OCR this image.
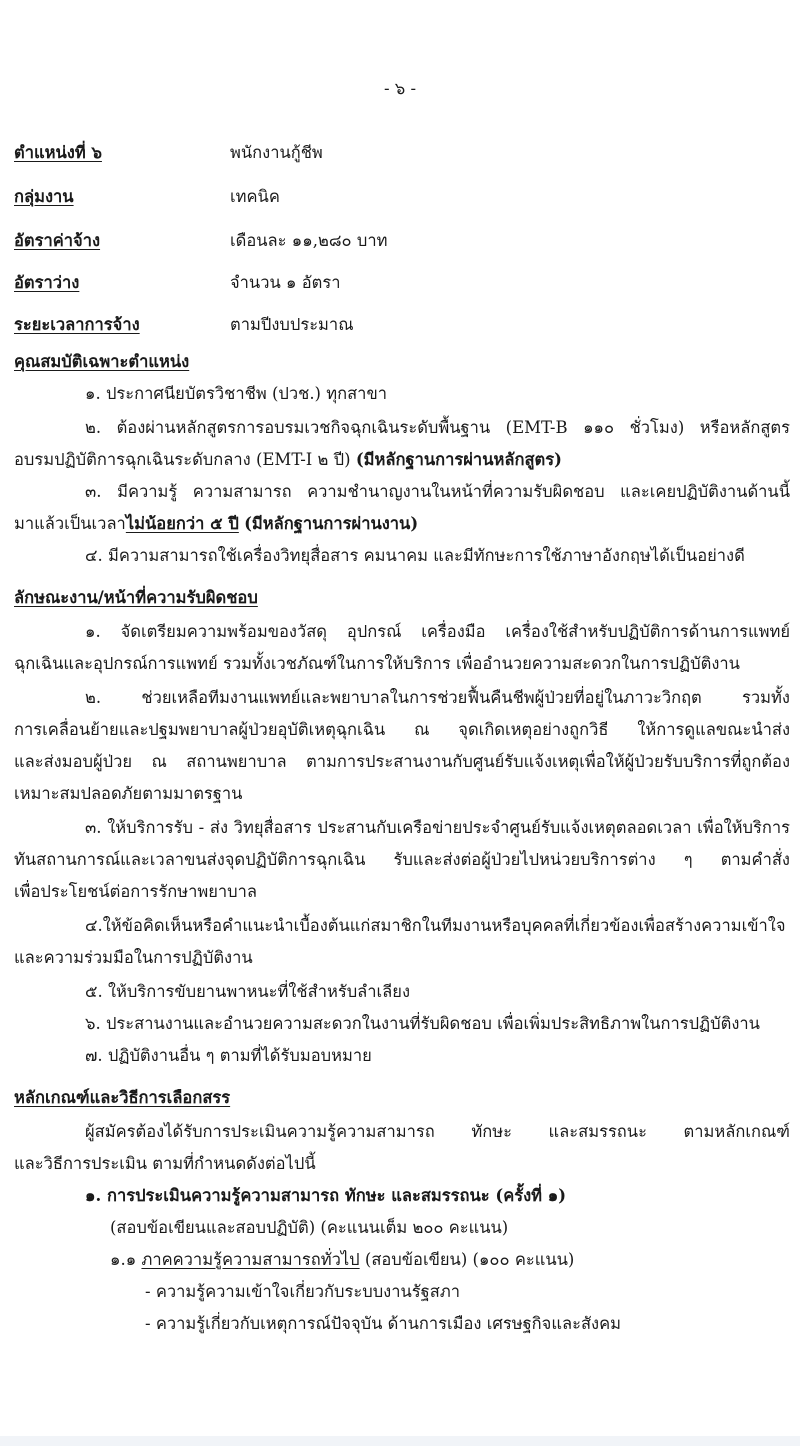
- ๖ -
ตำแหน่งที่ ๖	พนักงานกู้ชีพ
กลุ่มงาน	เทคนิค
อัตราค่าจ้าง	เดือนละ ๑๑,๒๘๐ บาท
อัตราว่าง	จำนวน ๑ อัตรา
ระยะเวลาการจ้าง	ตามปีงบประมาณ
คุณสมบัติเฉพาะตำแหน่ง
๑. ประกาศนียบัตรวิชาชีพ (ปวช.) ทุกสาขา
๒. ต้องผ่านหลักสูตรการอบรมเวชกิจฉุกเฉินระดับพื้นฐาน (EMT-B ๑๑๐ ชั่วโมง) หรือหลักสูตร
อบรมปฏิบัติการฉุกเฉินระดับกลาง (EMT-I ๒ ปี) (มีหลักฐานการผ่านหลักสูตร)
๓. มีความรู้ ความสามารถ ความชำนาญงานในหน้าที่ความรับผิดชอบ และเคยปฏิบัติงานด้านนี้
มาแล้วเป็นเวลาไม่น้อยกว่า ๕ ปี (มีหลักฐานการผ่านงาน)
๔. มีความสามารถใช้เครื่องวิทยุสื่อสาร คมนาคม และมีทักษะการใช้ภาษาอังกฤษได้เป็นอย่างดี
ลักษณะงาน/หน้าที่ความรับผิดชอบ
๑. จัดเตรียมความพร้อมของวัสดุ อุปกรณ์ เครื่องมือ เครื่องใช้สำหรับปฏิบัติการด้านการแพทย์
ฉุกเฉินและอุปกรณ์การแพทย์ รวมทั้งเวชภัณฑ์ในการให้บริการ เพื่ออำนวยความสะดวกในการปฏิบัติงาน
๒. ช่วยเหลือทีมงานแพทย์และพยาบาลในการช่วยฟื้นคืนชีพผู้ป่วยที่อยู่ในภาวะวิกฤต รวมทั้ง
การเคลื่อนย้ายและปฐมพยาบาลผู้ป่วยอุบัติเหตุฉุกเฉิน ณ จุดเกิดเหตุอย่างถูกวิธี ให้การดูแลขณะนำส่ง
และส่งมอบผู้ป่วย ณ สถานพยาบาล ตามการประสานงานกับศูนย์รับแจ้งเหตุเพื่อให้ผู้ป่วยรับบริการที่ถูกต้อง
เหมาะสมปลอดภัยตามมาตรฐาน
๓. ให้บริการรับ - ส่ง วิทยุสื่อสาร ประสานกับเครือข่ายประจำศูนย์รับแจ้งเหตุตลอดเวลา เพื่อให้บริการ
ทันสถานการณ์และเวลาขนส่งจุดปฏิบัติการฉุกเฉิน รับและส่งต่อผู้ป่วยไปหน่วยบริการต่าง ๆ ตามคำสั่ง
เพื่อประโยชน์ต่อการรักษาพยาบาล
๔.ให้ข้อคิดเห็นหรือคำแนะนำเบื้องต้นแก่สมาชิกในทีมงานหรือบุคคลที่เกี่ยวข้องเพื่อสร้างความเข้าใจ
และความร่วมมือในการปฏิบัติงาน
๕. ให้บริการขับยานพาหนะที่ใช้สำหรับลำเลียง
๖. ประสานงานและอำนวยความสะดวกในงานที่รับผิดชอบ เพื่อเพิ่มประสิทธิภาพในการปฏิบัติงาน
๗. ปฏิบัติงานอื่น ๆ ตามที่ได้รับมอบหมาย
หลักเกณฑ์และวิธีการเลือกสรร
ผู้สมัครต้องได้รับการประเมินความรู้ความสามารถ ทักษะ และสมรรถนะ ตามหลักเกณฑ์
และวิธีการประเมิน ตามที่กำหนดดังต่อไปนี้
๑. การประเมินความรู้ความสามารถ ทักษะ และสมรรถนะ (ครั้งที่ ๑)
(สอบข้อเขียนและสอบปฏิบัติ) (คะแนนเต็ม ๒๐๐ คะแนน)
๑.๑ ภาคความรู้ความสามารถทั่วไป (สอบข้อเขียน) (๑๐๐ คะแนน)
- ความรู้ความเข้าใจเกี่ยวกับระบบงานรัฐสภา
- ความรู้เกี่ยวกับเหตุการณ์ปัจจุบัน ด้านการเมือง เศรษฐกิจและสังคม
